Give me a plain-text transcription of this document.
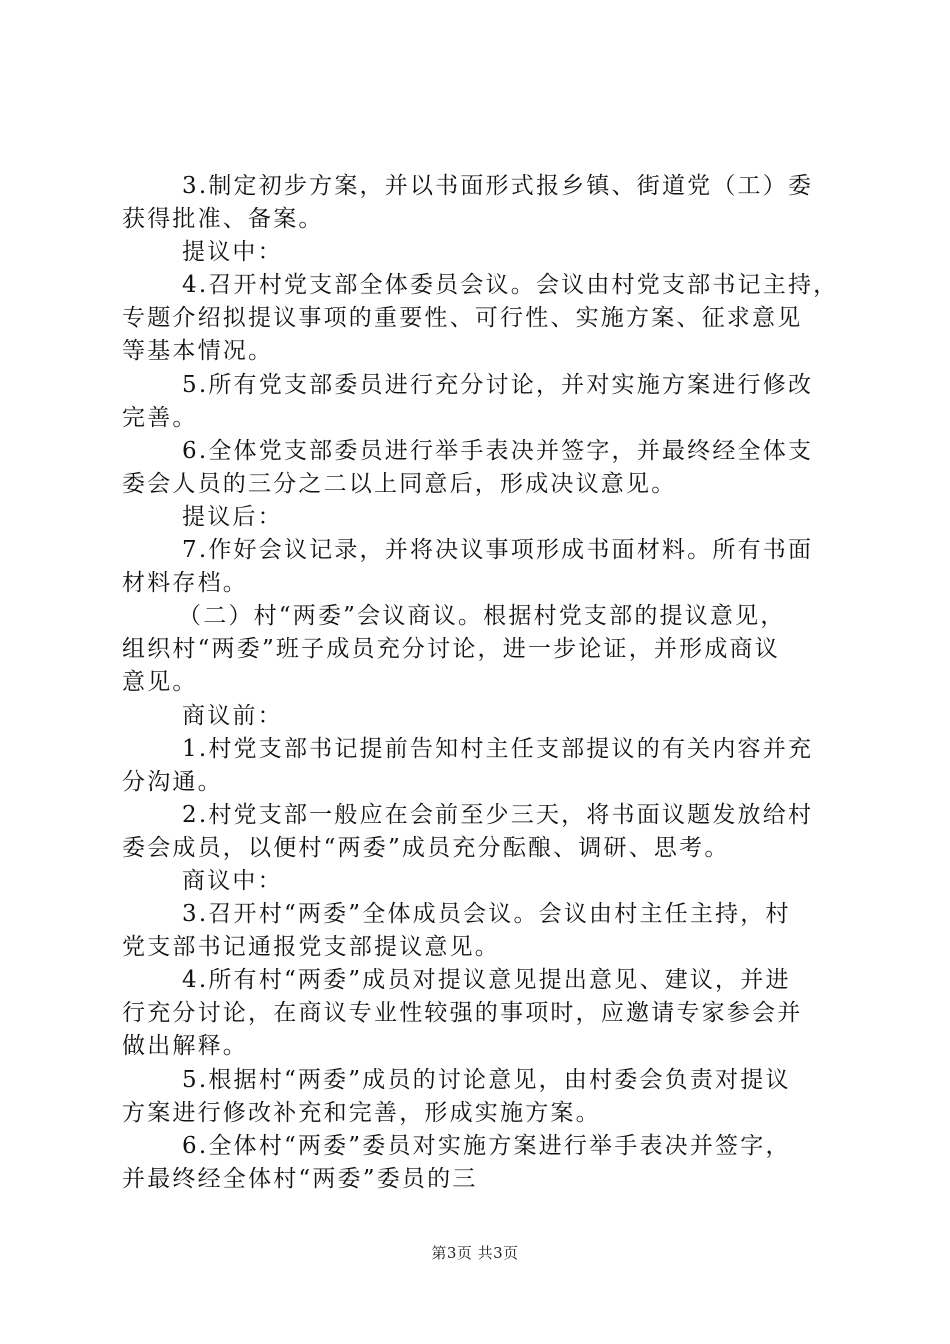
3.制定初步方案，并以书面形式报乡镇、街道党（工）委
获得批准、备案。
提议中：
4.召开村党支部全体委员会议。会议由村党支部书记主持，
专题介绍拟提议事项的重要性、可行性、实施方案、征求意见
等基本情况。
5.所有党支部委员进行充分讨论，并对实施方案进行修改
完善。
6.全体党支部委员进行举手表决并签字，并最终经全体支
委会人员的三分之二以上同意后，形成决议意见。
提议后：
7.作好会议记录，并将决议事项形成书面材料。所有书面
材料存档。
（二）村“两委”会议商议。根据村党支部的提议意见，
组织村“两委”班子成员充分讨论，进一步论证，并形成商议
意见。
商议前：
1.村党支部书记提前告知村主任支部提议的有关内容并充
分沟通。
2.村党支部一般应在会前至少三天，将书面议题发放给村
委会成员，以便村“两委”成员充分酝酿、调研、思考。
商议中：
3.召开村“两委”全体成员会议。会议由村主任主持，村
党支部书记通报党支部提议意见。
4.所有村“两委”成员对提议意见提出意见、建议，并进
行充分讨论，在商议专业性较强的事项时，应邀请专家参会并
做出解释。
5.根据村“两委”成员的讨论意见，由村委会负责对提议
方案进行修改补充和完善，形成实施方案。
6.全体村“两委”委员对实施方案进行举手表决并签字，
并最终经全体村“两委”委员的三
第3页 共3页
